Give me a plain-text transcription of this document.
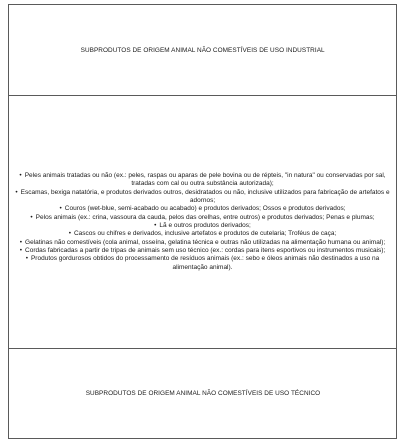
SUBPRODUTOS DE ORIGEM ANIMAL NÃO COMESTÍVEIS DE USO INDUSTRIAL
• Peles animais tratadas ou não (ex.: peles, raspas ou aparas de pele bovina ou de répteis, "in natura" ou conservadas por sal, tratadas com cal ou outra substância autorizada);
• Escamas, bexiga natatória, e produtos derivados outros, desidratados ou não, inclusive utilizados para fabricação de artefatos e adornos;
• Couros (wet-blue, semi-acabado ou acabado) e produtos derivados; Ossos e produtos derivados;
• Pelos animais (ex.: crina, vassoura da cauda, pelos das orelhas, entre outros) e produtos derivados; Penas e plumas;
• Lã e outros produtos derivados;
• Cascos ou chifres e derivados, inclusive artefatos e produtos de cutelaria; Troféus de caça;
• Gelatinas não comestíveis (cola animal, osseína, gelatina técnica e outras não utilizadas na alimentação humana ou animal);
• Cordas fabricadas a partir de tripas de animais sem uso técnico (ex.: cordas para itens esportivos ou instrumentos musicais);
• Produtos gordurosos obtidos do processamento de resíduos animais (ex.: sebo e óleos animais não destinados a uso na alimentação animal).
SUBPRODUTOS DE ORIGEM ANIMAL NÃO COMESTÍVEIS DE USO TÉCNICO
